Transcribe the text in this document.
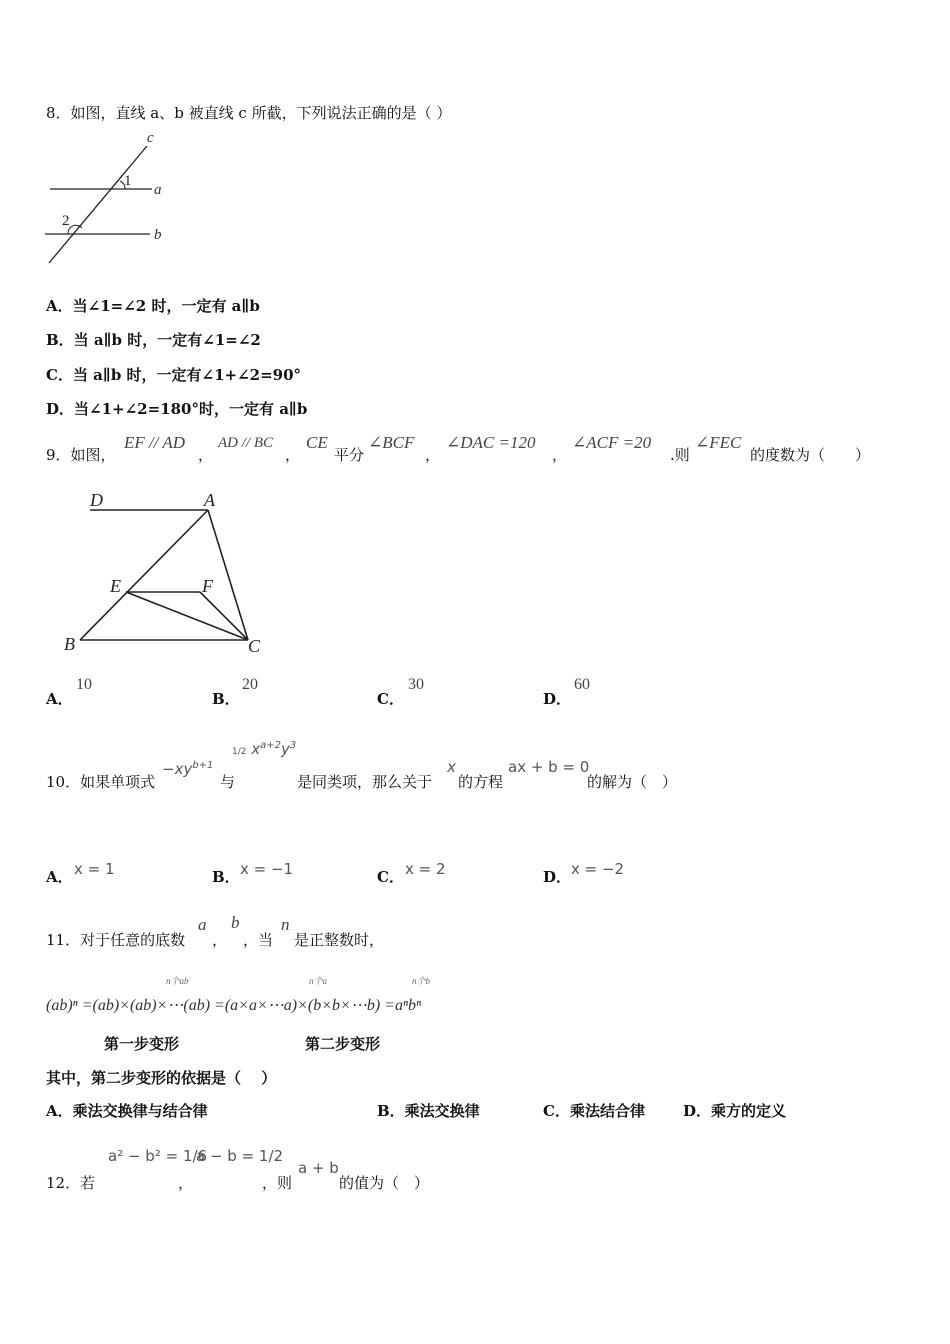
8．如图，直线 a、b 被直线 c 所截，下列说法正确的是（ ）
c
a
b
1
2
A．当∠1=∠2 时，一定有 a∥b
B．当 a∥b 时，一定有∠1=∠2
C．当 a∥b 时，一定有∠1+∠2=90°
D．当∠1+∠2=180°时，一定有 a∥b
9．如图，
EF // AD
，
AD // BC
，
CE
平分
∠BCF
，
∠DAC =120
，
∠ACF =20
.则
∠FEC
的度数为（　　）
D	A
E	F
B	C
A．
10
B．
20
C．
30
D．
60
10．如果单项式
$-xy^{b+1}$
与
1/2 $x^{a+2}y^3$
是同类项，那么关于
x
的方程
ax + b = 0
的解为（　）
A． x = 1	B． x = −1	C． x = 2	D． x = −2
11．对于任意的底数
a
，
b
，当
n
是正整数时，
n个ab	n个a	n个b
(ab)ⁿ =(ab)×(ab)×⋯(ab) =(a×a×⋯a)×(b×b×⋯b) =aⁿbⁿ
第一步变形	第二步变形
其中，第二步变形的依据是（　 ）
A．乘法交换律与结合律	B．乘法交换律	C．乘法结合律	D．乘方的定义
12．若
a² − b² = 1/6
，
a − b = 1/2
，则
a + b
的值为（　）
